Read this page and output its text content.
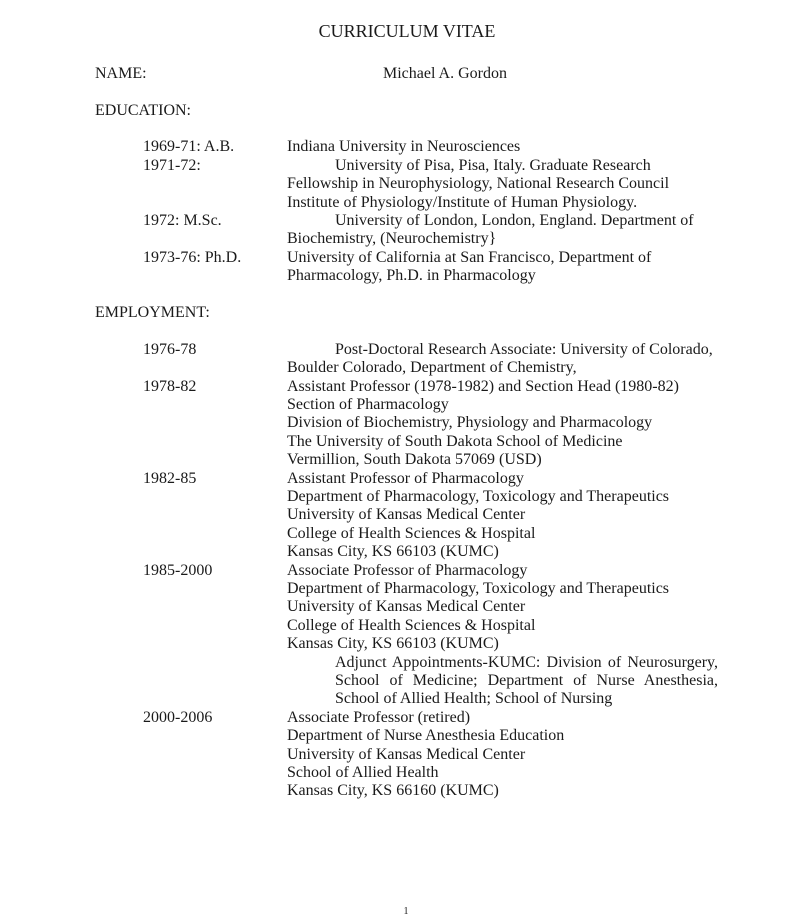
CURRICULUM VITAE
NAME:	Michael A. Gordon
EDUCATION:
1969-71: A.B.	Indiana University in Neurosciences
1971-72:	University of Pisa, Pisa, Italy. Graduate Research
Fellowship in Neurophysiology, National Research Council
Institute of Physiology/Institute of Human Physiology.
1972: M.Sc.	University of London, London, England. Department of
Biochemistry, (Neurochemistry}
1973-76: Ph.D.	University of California at San Francisco, Department of
Pharmacology, Ph.D. in Pharmacology
EMPLOYMENT:
1976-78	Post-Doctoral Research Associate: University of Colorado,
Boulder Colorado, Department of Chemistry,
1978-82	Assistant Professor (1978-1982) and Section Head (1980-82)
Section of Pharmacology
Division of Biochemistry, Physiology and Pharmacology
The University of South Dakota School of Medicine
Vermillion, South Dakota 57069 (USD)
1982-85	Assistant Professor of Pharmacology
Department of Pharmacology, Toxicology and Therapeutics
University of Kansas Medical Center
College of Health Sciences & Hospital
Kansas City, KS 66103 (KUMC)
1985-2000	Associate Professor of Pharmacology
Department of Pharmacology, Toxicology and Therapeutics
University of Kansas Medical Center
College of Health Sciences & Hospital
Kansas City, KS 66103 (KUMC)
Adjunct Appointments-KUMC: Division of Neurosurgery, School of Medicine; Department of Nurse Anesthesia, School of Allied Health; School of Nursing
2000-2006	Associate Professor (retired)
Department of Nurse Anesthesia Education
University of Kansas Medical Center
School of Allied Health
Kansas City, KS 66160 (KUMC)
1
